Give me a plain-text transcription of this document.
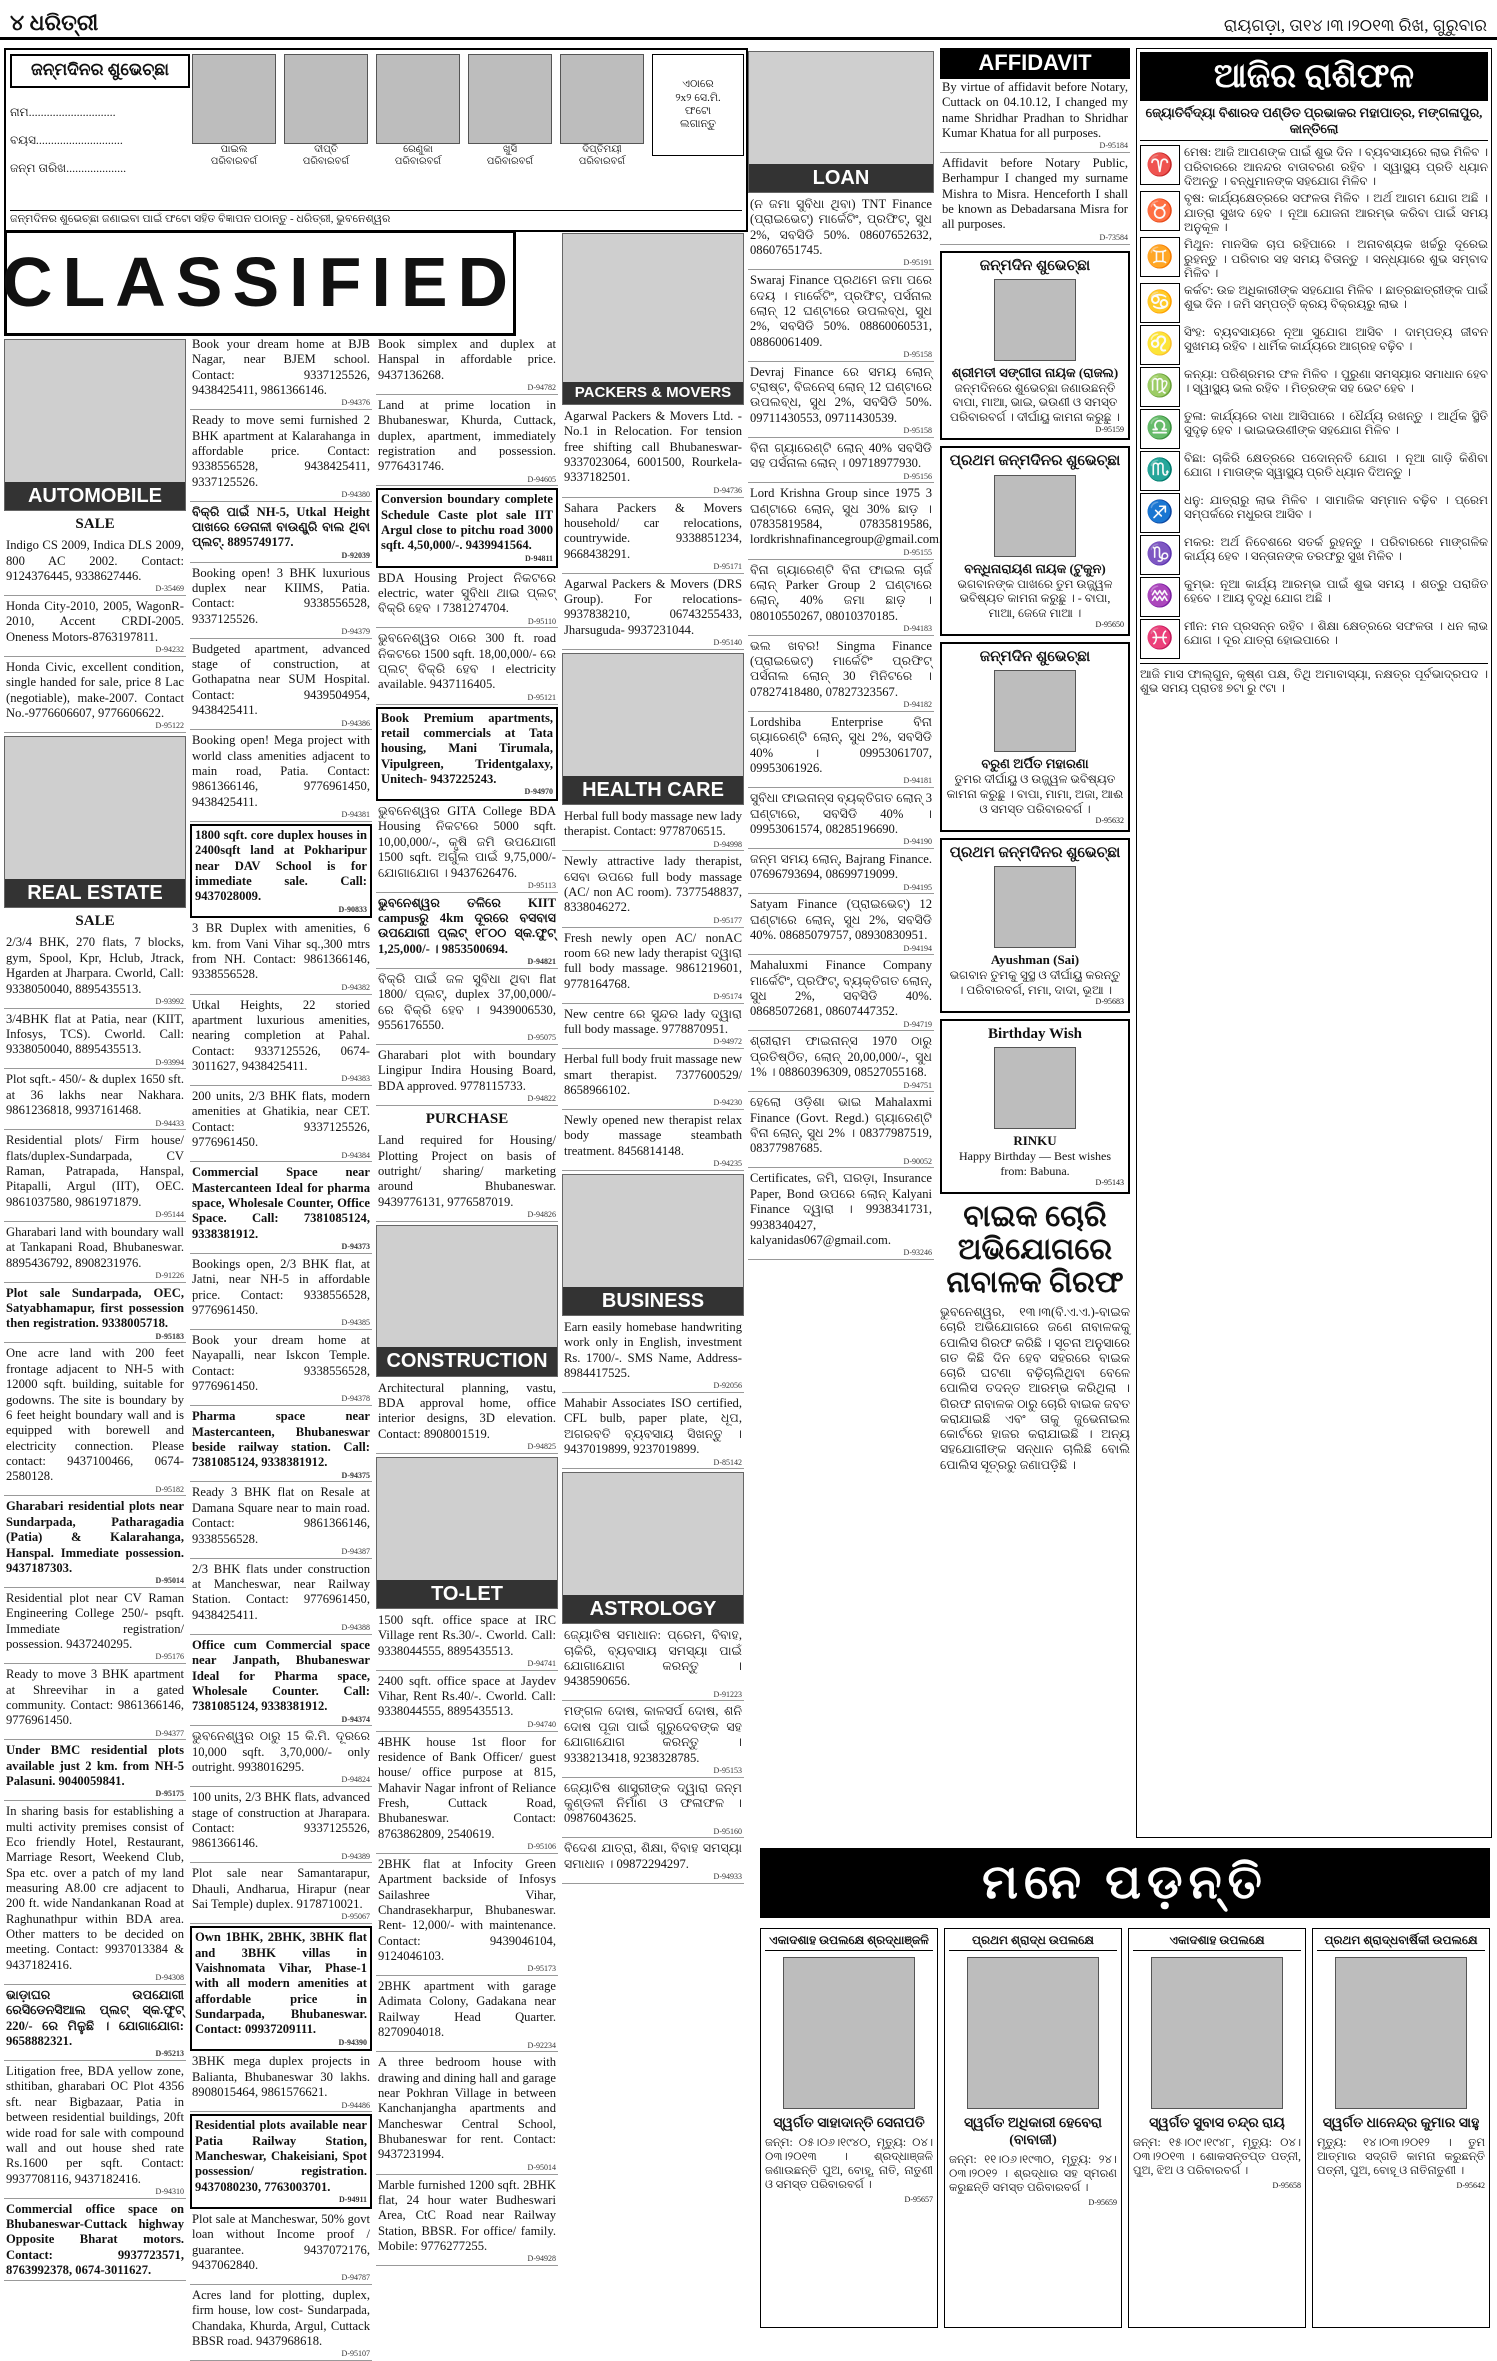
୪ ଧରିତ୍ରୀ	ରାୟଗଡ଼ା, ତା୧୪।୩।୨୦୧୩ ରିଖ, ଗୁରୁବାର
ଜନ୍ମଦିନର ଶୁଭେଚ୍ଛା
ନାମ.............................
ବୟସ.............................
ଜନ୍ମ ତାରିଖ....................
ପାଇଲ
ପରିବାରବର୍ଗ
ଦୀପ୍ତି
ପରିବାରବର୍ଗ
ରେଣୁକା
ପରିବାରବର୍ଗ
ଖୁସି
ପରିବାରବର୍ଗ
ଦିପ୍ତିମୟୀ
ପରିବାରବର୍ଗ
ଏଠାରେ
୨x୨ ସେ.ମି.
ଫଟୋ
ଲଗାନ୍ତୁ
ଜନ୍ମଦିନର ଶୁଭେଚ୍ଛା ଜଣାଇବା ପାଇଁ ଫଟୋ ସହିତ ବିଜ୍ଞାପନ ପଠାନ୍ତୁ - ଧରିତ୍ରୀ, ଭୁବନେଶ୍ୱର
CLASSIFIED
AUTOMOBILE
SALE
Indigo CS 2009, Indica DLS 2009, 800 AC 2002. Contact: 9124376445, 9338627446.
D-35469
Honda City-2010, 2005, WagonR-2010, Accent CRDI-2005. Oneness Motors-8763197811.
D-94232
Honda Civic, excellent condition, single handed for sale, price 8 Lac (negotiable), make-2007. Contact No.-9776606607, 9776606622.
D-95122
REAL ESTATE
SALE
2/3/4 BHK, 270 flats, 7 blocks, gym, Spool, Kpr, Hclub, Jtrack, Hgarden at Jharpara. Cworld, Call: 9338050040, 8895435513.
D-93992
3/4BHK flat at Patia, near (KIIT, Infosys, TCS). Cworld. Call: 9338050040, 8895435513.
D-93994
Plot sqft.- 450/- & duplex 1650 sft. at 36 lakhs near Nakhara. 9861236818, 9937161468.
D-94433
Residential plots/ Firm house/ flats/duplex-Sundarpada, CV Raman, Patrapada, Hanspal, Pitapalli, Argul (IIT), OEC. 9861037580, 9861971879.
D-95144
Gharabari land with boundary wall at Tankapani Road, Bhubaneswar. 8895436792, 8908231976.
D-91226
Plot sale Sundarpada, OEC, Satyabhamapur, first possession then registration. 9338005718.
D-95183
One acre land with 200 feet frontage adjacent to NH-5 with 12000 sqft. building, suitable for godowns. The site is boundary by 6 feet height boundary wall and is equipped with borewell and electricity connection. Please contact: 9437100466, 0674-2580128.
D-95182
Gharabari residential plots near Sundarpada, Patharagadia (Patia) & Kalarahanga, Hanspal. Immediate possession. 9437187303.
D-95014
Residential plot near CV Raman Engineering College 250/- psqft. Immediate registration/ possession. 9437240295.
D-95176
Ready to move 3 BHK apartment at Shreevihar in a gated community. Contact: 9861366146, 9776961450.
D-94377
Under BMC residential plots available just 2 km. from NH-5 Palasuni. 9040059841.
D-95175
In sharing basis for establishing a multi activity premises consist of Eco friendly Hotel, Restaurant, Marriage Resort, Weekend Club, Spa etc. over a patch of my land measuring A8.00 cre adjacent to 200 ft. wide Nandankanan Road at Raghunathpur within BDA area. Other matters to be decided on meeting. Contact: 9937013384 & 9437182416.
D-94308
ଭାଡ଼ାଘର ଉପଯୋଗୀ ରେସିଡେନସିଆଲ ପ୍ଲଟ୍ ସ୍କ.ଫୁଟ୍ 220/- ରେ ମିଳୁଛି । ଯୋଗାଯୋଗ: 9658882321.
D-95213
Litigation free, BDA yellow zone, sthitiban, gharabari OC Plot 4356 sft. near Bigbazaar, Patia in between residential buildings, 20ft wide road for sale with compound wall and out house shed rate Rs.1600 per sqft. Contact: 9937708116, 9437182416.
D-94310
Commercial office space on Bhubaneswar-Cuttack highway Opposite Bharat motors. Contact: 9937723571, 8763992378, 0674-3011627.
Book your dream home at BJB Nagar, near BJEM school. Contact: 9337125526, 9438425411, 9861366146.
D-94376
Ready to move semi furnished 2 BHK apartment at Kalarahanga in affordable price. Contact: 9338556528, 9438425411, 9337125526.
D-94380
ବିକ୍ରି ପାଇଁ NH-5, Utkal Height ପାଖରେ ଡେନାଳୀ ବାଉଣ୍ଡ୍ରି ବାଲ ଥିବା ପ୍ଲଟ୍. 8895749177.
D-92039
Booking open! 3 BHK luxurious duplex near KIIMS, Patia. Contact: 9338556528, 9337125526.
D-94379
Budgeted apartment, advanced stage of construction, at Gothapatna near SUM Hospital. Contact: 9439504954, 9438425411.
D-94386
Booking open! Mega project with world class amenities adjacent to main road, Patia. Contact: 9861366146, 9776961450, 9438425411.
D-94381
1800 sqft. core duplex houses in 2400sqft land at Pokharipur near DAV School is for immediate sale. Call: 9437028009.
D-90833
3 BR Duplex with amenities, 6 km. from Vani Vihar sq.,300 mtrs from NH. Contact: 9861366146, 9338556528.
D-94382
Utkal Heights, 22 storied apartment luxurious amenities, nearing completion at Pahal. Contact: 9337125526, 0674-3011627, 9438425411.
D-94383
200 units, 2/3 BHK flats, modern amenities at Ghatikia, near CET. Contact: 9337125526, 9776961450.
D-94384
Commercial Space near Mastercanteen Ideal for pharma space, Wholesale Counter, Office Space. Call: 7381085124, 9338381912.
D-94373
Bookings open, 2/3 BHK flat, at Jatni, near NH-5 in affordable price. Contact: 9338556528, 9776961450.
D-94385
Book your dream home at Nayapalli, near Iskcon Temple. Contact: 9338556528, 9776961450.
D-94378
Pharma space near Mastercanteen, Bhubaneswar beside railway station. Call: 7381085124, 9338381912.
D-94375
Ready 3 BHK flat on Resale at Damana Square near to main road. Contact: 9861366146, 9338556528.
D-94387
2/3 BHK flats under construction at Mancheswar, near Railway Station. Contact: 9776961450, 9438425411.
D-94388
Office cum Commercial space near Janpath, Bhubaneswar Ideal for Pharma space, Wholesale Counter. Call: 7381085124, 9338381912.
D-94374
ଭୁବନେଶ୍ୱର ଠାରୁ 15 କି.ମି. ଦୂରରେ 10,000 sqft. 3,70,000/- only outright. 9938016295.
D-94824
100 units, 2/3 BHK flats, advanced stage of construction at Jharapara. Contact: 9337125526, 9861366146.
D-94389
Plot sale near Samantarapur, Dhauli, Andharua, Hirapur (near Sai Temple) duplex. 9178710021.
D-95067
Own 1BHK, 2BHK, 3BHK flat and 3BHK villas in Vaishnomata Vihar, Phase-1 with all modern amenities at affordable price in Sundarpada, Bhubaneswar. Contact: 09937209111.
D-94390
3BHK mega duplex projects in Balianta, Bhubaneswar 30 lakhs. 8908015464, 9861576621.
D-94486
Residential plots available near Patia Railway Station, Mancheswar, Chakeisiani, Spot possession/ registration. 9437080230, 7763003701.
D-94911
Plot sale at Mancheswar, 50% govt loan without Income proof / guarantee. 9437072176, 9437062840.
D-94787
Acres land for plotting, duplex, firm house, low cost- Sundarpada, Chandaka, Khurda, Argul, Cuttack BBSR road. 9437968618.
D-95107
Book simplex and duplex at Hanspal in affordable price. 9437136268.
D-94782
Land at prime location in Bhubaneswar, Khurda, Cuttack, duplex, apartment, immediately registration and possession. 9776431746.
D-94605
Conversion boundary complete Schedule Caste plot sale IIT Argul close to pitchu road 3000 sqft. 4,50,000/-. 9439941564.
D-94811
BDA Housing Project ନିକଟରେ electric, water ସୁବିଧା ଥାଇ ପ୍ଲଟ୍ ବିକ୍ରି ହେବ । 7381274704.
D-95110
ଭୁବନେଶ୍ୱର ଠାରେ 300 ft. road ନିକଟରେ 1500 sqft. 18,00,000/- ରେ ପ୍ଲଟ୍ ବିକ୍ରି ହେବ । electricity available. 9437116405.
D-95121
Book Premium apartments, retail commercials at Tata housing, Mani Tirumala, Vipulgreen, Tridentgalaxy, Unitech- 9437225243.
D-94970
ଭୁବନେଶ୍ୱର GITA College BDA Housing ନିକଟରେ 5000 sqft. 10,00,000/-, କୃଷି ଜମି ଉପଯୋଗୀ 1500 sqft. ଅର୍ଗୁଲ ପାଇଁ 9,75,000/- ଯୋଗାଯୋଗ । 9437626476.
D-95113
ଭୁବନେଶ୍ୱର ତଳିରେ KIIT campusରୁ 4km ଦୂରରେ ବସବାସ ଉପଯୋଗୀ ପ୍ଲଟ୍ ୧୮୦୦ ସ୍କ.ଫୁଟ୍ 1,25,000/- । 9853500694.
D-94821
ବିକ୍ରି ପାଇଁ ଜଳ ସୁବିଧା ଥିବା flat 1800/ ପ୍ଲଟ୍, duplex 37,00,000/- ରେ ବିକ୍ରି ହେବ । 9439006530, 9556176550.
D-95075
Gharabari plot with boundary Lingipur Indira Housing Board, BDA approved. 9778115733.
D-94822
PURCHASE
Land required for Housing/ Plotting Project on basis of outright/ sharing/ marketing around Bhubaneswar. 9439776131, 9776587019.
D-94826
CONSTRUCTION
Architectural planning, vastu, BDA approval home, office interior designs, 3D elevation. Contact: 8908001519.
D-94825
TO-LET
1500 sqft. office space at IRC Village rent Rs.30/-. Cworld. Call: 9338044555, 8895435513.
D-94741
2400 sqft. office space at Jaydev Vihar, Rent Rs.40/-. Cworld. Call: 9338044555, 8895435513.
D-94740
4BHK house 1st floor for residence of Bank Officer/ guest house/ office purpose at 815, Mahavir Nagar infront of Reliance Fresh, Cuttack Road, Bhubaneswar. Contact: 8763862809, 2540619.
D-95106
2BHK flat at Infocity Green Apartment backside of Infosys Sailashree Vihar, Chandrasekharpur, Bhubaneswar. Rent- 12,000/- with maintenance. Contact: 9439046104, 9124046103.
D-95173
2BHK apartment with garage Adimata Colony, Gadakana near Railway Head Quarter. 8270904018.
D-92234
A three bedroom house with drawing and dining hall and garage near Pokhran Village in between Kanchanjangha apartments and Mancheswar Central School, Bhubaneswar for rent. Contact: 9437231994.
D-95014
Marble furnished 1200 sqft. 2BHK flat, 24 hour water Budheswari Area, CtC Road near Railway Station, BBSR. For office/ family. Mobile: 9776277255.
D-94928
PACKERS & MOVERS
Agarwal Packers & Movers Ltd. - No.1 in Relocation. For tension free shifting call Bhubaneswar- 9337023064, 6001500, Rourkela- 9337182501.
D-94736
Sahara Packers & Movers household/ car relocations, countrywide. 9338851234, 9668438291.
D-95171
Agarwal Packers & Movers (DRS Group). For relocations- 9937838210, 06743255433, Jharsuguda- 9937231044.
D-95140
HEALTH CARE
Herbal full body massage new lady therapist. Contact: 9778706515.
D-94998
Newly attractive lady therapist, ସେବା ଉପରେ full body massage (AC/ non AC room). 7377548837, 8338046272.
D-95177
Fresh newly open AC/ nonAC room ରେ new lady therapist ଦ୍ୱାରା full body massage. 9861219601, 9778164768.
D-95174
New centre ରେ ସୁନ୍ଦର lady ଦ୍ୱାରା full body massage. 9778870951.
D-94972
Herbal full body fruit massage new smart therapist. 7377600529/ 8658966102.
D-94230
Newly opened new therapist relax body massage steambath treatment. 8456814148.
D-94235
BUSINESS
Earn easily homebase handwriting work only in English, investment Rs. 1700/-. SMS Name, Address- 8984417525.
D-92056
Mahabir Associates ISO certified, CFL bulb, paper plate, ଧୂପ, ଅଗରବତି ବ୍ୟବସାୟ ସିଖନ୍ତୁ । 9437019899, 9237019899.
D-85142
ASTROLOGY
ଜ୍ୟୋତିଷ ସମାଧାନ: ପ୍ରେମ, ବିବାହ, ଚାକିରି, ବ୍ୟବସାୟ ସମସ୍ୟା ପାଇଁ ଯୋଗାଯୋଗ କରନ୍ତୁ । 9438590656.
D-91223
ମଙ୍ଗଳ ଦୋଷ, କାଳସର୍ପ ଦୋଷ, ଶନି ଦୋଷ ପୂଜା ପାଇଁ ଗୁରୁଦେବଙ୍କ ସହ ଯୋଗାଯୋଗ କରନ୍ତୁ । 9338213418, 9238328785.
D-95153
ଜ୍ୟୋତିଷ ଶାସ୍ତ୍ରୀଙ୍କ ଦ୍ୱାରା ଜନ୍ମ କୁଣ୍ଡଳୀ ନିର୍ମାଣ ଓ ଫଳାଫଳ । 09876043625.
D-95160
ବିଦେଶ ଯାତ୍ରା, ଶିକ୍ଷା, ବିବାହ ସମସ୍ୟା ସମାଧାନ । 09872294297.
D-94933
LOAN
(ନ ଜମା ସୁବିଧା ଥିବା) TNT Finance (ପ୍ରାଇଭେଟ୍) ମାର୍କେଟିଂ, ପ୍ରଫିଟ୍, ସୁଧ 2%, ସବସିଡି 50%. 08607652632, 08607651745.
D-95191
Swaraj Finance ପ୍ରଥମେ ଜମା ପରେ ଦେୟ । ମାର୍କେଟିଂ, ପ୍ରଫିଟ୍, ପର୍ସନାଲ ଲୋନ୍ 12 ଘଣ୍ଟାରେ ଉପଲବ୍ଧ, ସୁଧ 2%, ସବସିଡି 50%. 08860060531, 08860061409.
D-95158
Devraj Finance ରେ ସମୟ ଲୋନ୍ ଟ୍ରାଷ୍ଟ, ବିଜନେସ୍ ଲୋନ୍ 12 ଘଣ୍ଟାରେ ଉପଲବ୍ଧ, ସୁଧ 2%, ସବସିଡି 50%. 09711430553, 09711430539.
D-95158
ବିନା ଗ୍ୟାରେଣ୍ଟି ଲୋନ୍ 40% ସବସିଡି ସହ ପର୍ସନାଲ ଲୋନ୍ । 09718977930.
D-95156
Lord Krishna Group since 1975 3 ଘଣ୍ଟାରେ ଲୋନ୍, ସୁଧ 30% ଛାଡ଼ । 07835819584, 07835819586, lordkrishnafinancegroup@gmail.com.
D-95155
ବିନା ଗ୍ୟାରେଣ୍ଟି ବିନା ଫାଇଲ ଚାର୍ଜ ଲୋନ୍ Parker Group 2 ଘଣ୍ଟାରେ ଲୋନ୍, 40% ଜମା ଛାଡ଼ । 08010550267, 08010370185.
D-94183
ଭଲ ଖବର! Singma Finance (ପ୍ରାଇଭେଟ୍) ମାର୍କେଟିଂ ପ୍ରଫିଟ୍ ପର୍ସନାଲ ଲୋନ୍ 30 ମିନିଟରେ । 07827418480, 07827323567.
D-94182
Lordshiba Enterprise ବିନା ଗ୍ୟାରେଣ୍ଟି ଲୋନ୍, ସୁଧ 2%, ସବସିଡି 40% । 09953061707, 09953061926.
D-94181
ସୁବିଧା ଫାଇନାନ୍ସ ବ୍ୟକ୍ତିଗତ ଲୋନ୍ 3 ଘଣ୍ଟାରେ, ସବସିଡି 40% । 09953061574, 08285196690.
D-94190
ଜନ୍ମ ସମୟ ଲୋନ୍, Bajrang Finance. 07696793694, 08699719099.
D-94195
Satyam Finance (ପ୍ରାଇଭେଟ୍) 12 ଘଣ୍ଟାରେ ଲୋନ୍, ସୁଧ 2%, ସବସିଡି 40%. 08685079757, 08930830951.
D-94194
Mahaluxmi Finance Company ମାର୍କେଟିଂ, ପ୍ରଫିଟ୍, ବ୍ୟକ୍ତିଗତ ଲୋନ୍, ସୁଧ 2%, ସବସିଡି 40%. 08685072681, 08607447352.
D-94719
ଶ୍ରୀରାମ ଫାଇନାନ୍ସ 1970 ଠାରୁ ପ୍ରତିଷ୍ଠିତ, ଲୋନ୍ 20,00,000/-, ସୁଧ 1% । 08860396309, 08527055168.
D-94751
ହେଲୋ ଓଡ଼ିଶା ଭାଇ Mahalaxmi Finance (Govt. Regd.) ଗ୍ୟାରେଣ୍ଟି ବିନା ଲୋନ୍, ସୁଧ 2% । 08377987519, 08377987685.
D-90052
Certificates, ଜମି, ଘରଡ଼ା, Insurance Paper, Bond ଉପରେ ଲୋନ୍ Kalyani Finance ଦ୍ୱାରା । 9938341731, 9938340427, kalyanidas067@gmail.com.
D-93246
AFFIDAVIT
By virtue of affidavit before Notary, Cuttack on 04.10.12, I changed my name Shridhar Pradhan to Shridhar Kumar Khatua for all purposes.
D-95184
Affidavit before Notary Public, Berhampur I changed my surname Mishra to Misra. Henceforth I shall be known as Debadarsana Misra for all purposes.
D-73584
ଜନ୍ମଦିନ ଶୁଭେଚ୍ଛା
ଶ୍ରୀମତୀ ସଙ୍ଗୀତା ନାୟକ (ରାଜଲ)
ଜନ୍ମଦିନରେ ଶୁଭେଚ୍ଛା ଜଣାଉଛନ୍ତି ବାପା, ମାଆ, ଭାଇ, ଭଉଣୀ ଓ ସମସ୍ତ ପରିବାରବର୍ଗ । ଦୀର୍ଘାୟୁ କାମନା କରୁଛୁ ।
D-95159
ପ୍ରଥମ ଜନ୍ମଦିନର ଶୁଭେଚ୍ଛା
ବନ୍ଧିନାରାୟଣ ନାୟକ (ଟୁକୁନ)
ଭଗବାନଙ୍କ ପାଖରେ ତୁମ ଉଜ୍ଜ୍ୱଳ ଭବିଷ୍ୟତ କାମନା କରୁଛୁ । - ବାପା, ମାଆ, ଜେଜେ ମାଆ ।
D-95650
ଜନ୍ମଦିନ ଶୁଭେଚ୍ଛା
ବରୁଣ ଅର୍ପିତ ମହାରଣା
ତୁମର ଦୀର୍ଘାୟୁ ଓ ଉଜ୍ଜ୍ୱଳ ଭବିଷ୍ୟତ କାମନା କରୁଛୁ । ବାପା, ମାମା, ଅଜା, ଆଈ ଓ ସମସ୍ତ ପରିବାରବର୍ଗ ।
D-95632
ପ୍ରଥମ ଜନ୍ମଦିନର ଶୁଭେଚ୍ଛା
Ayushman (Sai)
ଭଗବାନ ତୁମକୁ ସୁସ୍ଥ ଓ ଦୀର୍ଘାୟୁ କରନ୍ତୁ । ପରିବାରବର୍ଗ, ମମା, ଦାଦା, ଭୂଆ ।
D-95683
Birthday Wish
RINKU
Happy Birthday — Best wishes from: Babuna.
D-95143
ବାଇକ ଚୋରି ଅଭିଯୋଗରେ ନାବାଳକ ଗିରଫ
ଭୁବନେଶ୍ୱର, ୧୩।୩(ବି.ଏ.ଏ.)-ବାଇକ ଚୋରି ଅଭିଯୋଗରେ ଜଣେ ନାବାଳକକୁ ପୋଲିସ ଗିରଫ କରିଛି । ସୂଚନା ଅନୁସାରେ ଗତ କିଛି ଦିନ ହେବ ସହରରେ ବାଇକ ଚୋରି ଘଟଣା ବଢ଼ିଚାଲିଥିବା ବେଳେ ପୋଲିସ ତଦନ୍ତ ଆରମ୍ଭ କରିଥିଲା । ଗିରଫ ନାବାଳକ ଠାରୁ ଚୋରି ବାଇକ ଜବତ କରାଯାଇଛି ଏବଂ ତାକୁ ଜୁଭେନାଇଲ କୋର୍ଟରେ ହାଜର କରାଯାଇଛି । ଅନ୍ୟ ସହଯୋଗୀଙ୍କ ସନ୍ଧାନ ଚାଲିଛି ବୋଲି ପୋଲିସ ସୂତ୍ରରୁ ଜଣାପଡ଼ିଛି ।
ଆଜିର ରାଶିଫଳ
ଜ୍ୟୋତିର୍ବିଦ୍ୟା ବିଶାରଦ ପଣ୍ଡିତ ପ୍ରଭାକର ମହାପାତ୍ର, ମଙ୍ଗଳାପୁର, କାନ୍ତିଲୋ
♈ ମେଷ: ଆଜି ଆପଣଙ୍କ ପାଇଁ ଶୁଭ ଦିନ । ବ୍ୟବସାୟରେ ଲାଭ ମିଳିବ । ପରିବାରରେ ଆନନ୍ଦର ବାତାବରଣ ରହିବ । ସ୍ୱାସ୍ଥ୍ୟ ପ୍ରତି ଧ୍ୟାନ ଦିଅନ୍ତୁ । ବନ୍ଧୁମାନଙ୍କ ସହଯୋଗ ମିଳିବ ।
♉ ବୃଷ: କାର୍ଯ୍ୟକ୍ଷେତ୍ରରେ ସଫଳତା ମିଳିବ । ଅର୍ଥ ଆଗମ ଯୋଗ ଅଛି । ଯାତ୍ରା ସୁଖଦ ହେବ । ନୂଆ ଯୋଜନା ଆରମ୍ଭ କରିବା ପାଇଁ ସମୟ ଅନୁକୂଳ ।
♊ ମିଥୁନ: ମାନସିକ ଚାପ ରହିପାରେ । ଅନାବଶ୍ୟକ ଖର୍ଚ୍ଚରୁ ଦୂରେଇ ରୁହନ୍ତୁ । ପରିବାର ସହ ସମୟ ବିତାନ୍ତୁ । ସନ୍ଧ୍ୟାରେ ଶୁଭ ସମ୍ବାଦ ମିଳିବ ।
♋ କର୍କଟ: ଉଚ୍ଚ ଅଧିକାରୀଙ୍କ ସହଯୋଗ ମିଳିବ । ଛାତ୍ରଛାତ୍ରୀଙ୍କ ପାଇଁ ଶୁଭ ଦିନ । ଜମି ସମ୍ପତ୍ତି କ୍ରୟ ବିକ୍ରୟରୁ ଲାଭ ।
♌ ସିଂହ: ବ୍ୟବସାୟରେ ନୂଆ ସୁଯୋଗ ଆସିବ । ଦାମ୍ପତ୍ୟ ଜୀବନ ସୁଖମୟ ରହିବ । ଧାର୍ମିକ କାର୍ଯ୍ୟରେ ଆଗ୍ରହ ବଢ଼ିବ ।
♍ କନ୍ୟା: ପରିଶ୍ରମର ଫଳ ମିଳିବ । ପୁରୁଣା ସମସ୍ୟାର ସମାଧାନ ହେବ । ସ୍ୱାସ୍ଥ୍ୟ ଭଲ ରହିବ । ମିତ୍ରଙ୍କ ସହ ଭେଟ ହେବ ।
♎ ତୁଳା: କାର୍ଯ୍ୟରେ ବାଧା ଆସିପାରେ । ଧୈର୍ଯ୍ୟ ରଖନ୍ତୁ । ଆର୍ଥିକ ସ୍ଥିତି ସୁଦୃଢ଼ ହେବ । ଭାଇଭଉଣୀଙ୍କ ସହଯୋଗ ମିଳିବ ।
♏ ବିଛା: ଚାକିରି କ୍ଷେତ୍ରରେ ପଦୋନ୍ନତି ଯୋଗ । ନୂଆ ଗାଡ଼ି କିଣିବା ଯୋଗ । ମାତାଙ୍କ ସ୍ୱାସ୍ଥ୍ୟ ପ୍ରତି ଧ୍ୟାନ ଦିଅନ୍ତୁ ।
♐ ଧନୁ: ଯାତ୍ରାରୁ ଲାଭ ମିଳିବ । ସାମାଜିକ ସମ୍ମାନ ବଢ଼ିବ । ପ୍ରେମ ସମ୍ପର୍କରେ ମଧୁରତା ଆସିବ ।
♑ ମକର: ଅର୍ଥ ନିବେଶରେ ସତର୍କ ରୁହନ୍ତୁ । ପରିବାରରେ ମାଙ୍ଗଳିକ କାର୍ଯ୍ୟ ହେବ । ସନ୍ତାନଙ୍କ ତରଫରୁ ସୁଖ ମିଳିବ ।
♒ କୁମ୍ଭ: ନୂଆ କାର୍ଯ୍ୟ ଆରମ୍ଭ ପାଇଁ ଶୁଭ ସମୟ । ଶତ୍ରୁ ପରାଜିତ ହେବେ । ଆୟ ବୃଦ୍ଧି ଯୋଗ ଅଛି ।
♓ ମୀନ: ମନ ପ୍ରସନ୍ନ ରହିବ । ଶିକ୍ଷା କ୍ଷେତ୍ରରେ ସଫଳତା । ଧନ ଲାଭ ଯୋଗ । ଦୂର ଯାତ୍ରା ହୋଇପାରେ ।
ଆଜି ମାସ ଫାଲ୍ଗୁନ, କୃଷ୍ଣ ପକ୍ଷ, ତିଥି ଅମାବାସ୍ୟା, ନକ୍ଷତ୍ର ପୂର୍ବଭାଦ୍ରପଦ । ଶୁଭ ସମୟ ପ୍ରାତଃ ୭ଟା ରୁ ୯ଟା ।
ମନେ ପଡ଼ନ୍ତି
ଏକାଦଶାହ ଉପଲକ୍ଷେ ଶ୍ରଦ୍ଧାଞ୍ଜଳି
ସ୍ୱର୍ଗତ ସାହାଦାନ୍ତି ସେନାପତି
ଜନ୍ମ: ୦୫।୦୬।୧୯୪୦, ମୃତ୍ୟୁ: ୦୪।୦୩।୨୦୧୩ । ଶ୍ରଦ୍ଧାଞ୍ଜଳି ଜଣାଉଛନ୍ତି ପୁଅ, ବୋହୂ, ନାତି, ନାତୁଣୀ ଓ ସମସ୍ତ ପରିବାରବର୍ଗ ।
D-95657
ପ୍ରଥମ ଶ୍ରାଦ୍ଧ ଉପଲକ୍ଷେ
ସ୍ୱର୍ଗତ ଅଧିକାରୀ ହେବେରା (ବାବାଜୀ)
ଜନ୍ମ: ୧୧।୦୬।୧୯୩୦, ମୃତ୍ୟୁ: ୨୪।୦୩।୨୦୧୨ । ଶ୍ରଦ୍ଧାର ସହ ସ୍ମରଣ କରୁଛନ୍ତି ସମସ୍ତ ପରିବାରବର୍ଗ ।
D-95659
ଏକାଦଶାହ ଉପଲକ୍ଷେ
ସ୍ୱର୍ଗତ ସୁବାସ ଚନ୍ଦ୍ର ରାୟ
ଜନ୍ମ: ୧୫।୦୯।୧୯୪୮, ମୃତ୍ୟୁ: ୦୪।୦୩।୨୦୧୩ । ଶୋକସନ୍ତପ୍ତ ପତ୍ନୀ, ପୁଅ, ଝିଅ ଓ ପରିବାରବର୍ଗ ।
D-95658
ପ୍ରଥମ ଶ୍ରାଦ୍ଧବାର୍ଷିକୀ ଉପଲକ୍ଷେ
ସ୍ୱର୍ଗତ ଧାନେନ୍ଦ୍ର କୁମାର ସାହୁ
ମୃତ୍ୟୁ: ୧୪।୦୩।୨୦୧୨ । ତୁମ ଆତ୍ମାର ସଦ୍ଗତି କାମନା କରୁଛନ୍ତି ପତ୍ନୀ, ପୁଅ, ବୋହୂ ଓ ନାତିନାତୁଣୀ ।
D-95642
